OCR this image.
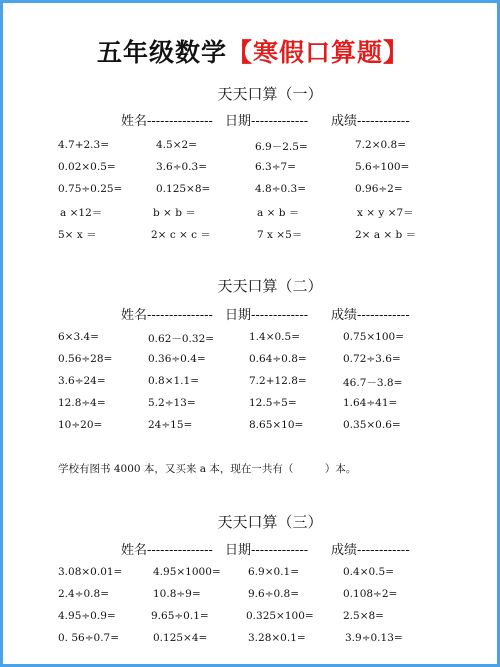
五年级数学【寒假口算题】
天天口算（一）
姓名--------------- 日期------------- 成绩------------
4.7+2.3=	4.5×2=	6.9－2.5=	7.2×0.8=
0.02×0.5=	3.6÷0.3=	6.3÷7=	5.6÷100=
0.75÷0.25=	0.125×8=	4.8÷0.3=	0.96÷2=
a ×12＝	b × b ＝	a × b ＝	x × y ×7＝
5× x ＝	2× c × c ＝	7 x ×5＝	2× a × b ＝
天天口算（二）
姓名--------------- 日期------------- 成绩------------
6×3.4=	0.62－0.32=	1.4×0.5=	0.75×100=
0.56÷28=	0.36÷0.4=	0.64÷0.8=	0.72÷3.6=
3.6÷24=	0.8×1.1=	7.2+12.8=	46.7－3.8=
12.8÷4=	5.2÷13=	12.5÷5=	1.64÷41=
10÷20=	24÷15=	8.65×10=	0.35×0.6=
学校有图书 4000 本，又买来 a 本，现在一共有（　　　）本。
天天口算（三）
姓名--------------- 日期------------- 成绩------------
3.08×0.01=	4.95×1000=	6.9×0.1=	0.4×0.5=
2.4÷0.8=	10.8÷9=	9.6÷0.8=	0.108÷2=
4.95÷0.9=	9.65÷0.1=	0.325×100=	2.5×8=
0. 56÷0.7=	0.125×4=	3.28×0.1=	3.9÷0.13=
